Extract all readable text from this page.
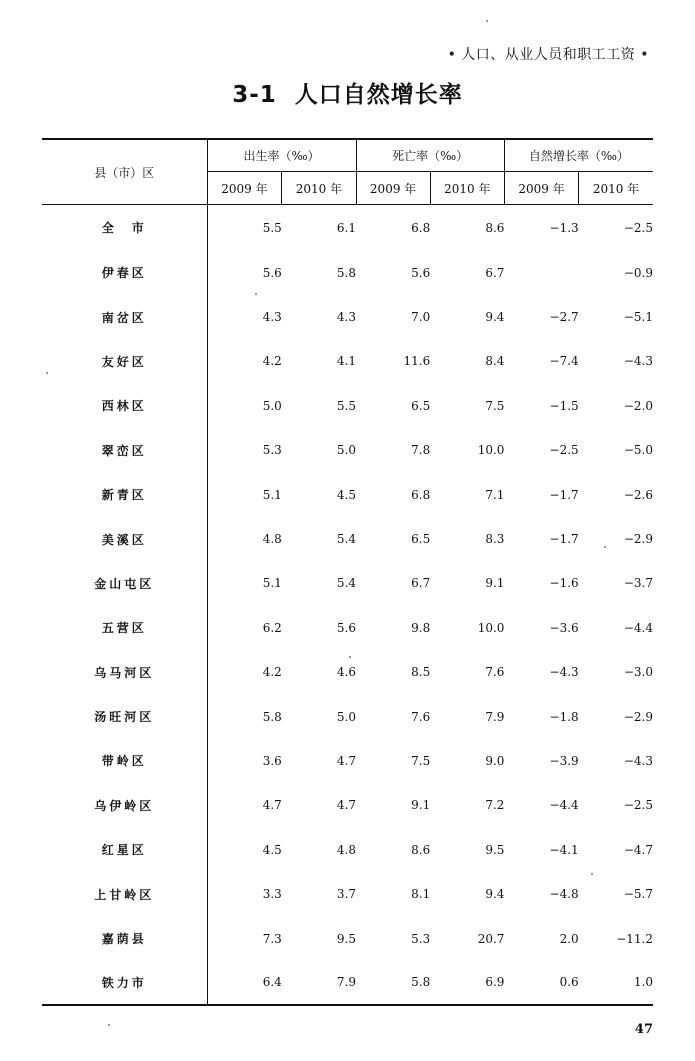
• 人口、从业人员和职工工资 •
3-1 人口自然增长率
县（市）区	出生率（‰）		死亡率（‰）		自然增长率（‰）	
	2009 年	2010 年	2009 年	2010 年	2009 年	2010 年
全　市	5.5	6.1	6.8	8.6	−1.3	−2.5
伊春区	5.6	5.8	5.6	6.7		−0.9
南岔区	4.3	4.3	7.0	9.4	−2.7	−5.1
友好区	4.2	4.1	11.6	8.4	−7.4	−4.3
西林区	5.0	5.5	6.5	7.5	−1.5	−2.0
翠峦区	5.3	5.0	7.8	10.0	−2.5	−5.0
新青区	5.1	4.5	6.8	7.1	−1.7	−2.6
美溪区	4.8	5.4	6.5	8.3	−1.7	−2.9
金山屯区	5.1	5.4	6.7	9.1	−1.6	−3.7
五营区	6.2	5.6	9.8	10.0	−3.6	−4.4
乌马河区	4.2	4.6	8.5	7.6	−4.3	−3.0
汤旺河区	5.8	5.0	7.6	7.9	−1.8	−2.9
带岭区	3.6	4.7	7.5	9.0	−3.9	−4.3
乌伊岭区	4.7	4.7	9.1	7.2	−4.4	−2.5
红星区	4.5	4.8	8.6	9.5	−4.1	−4.7
上甘岭区	3.3	3.7	8.1	9.4	−4.8	−5.7
嘉荫县	7.3	9.5	5.3	20.7	2.0	−11.2
铁力市	6.4	7.9	5.8	6.9	0.6	1.0
47
